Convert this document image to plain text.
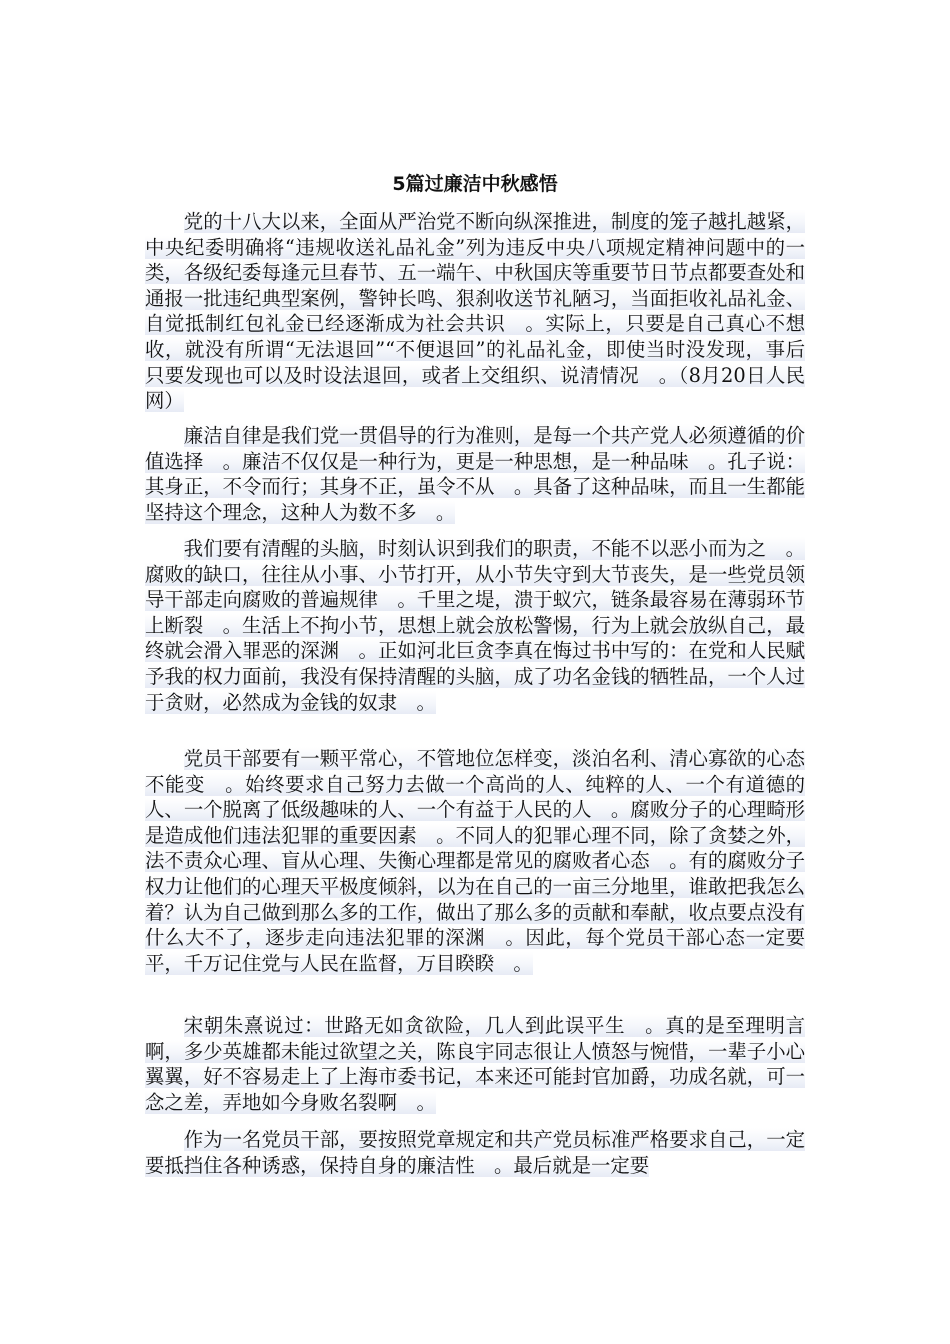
5篇过廉洁中秋感悟

党的十八大以来，全面从严治党不断向纵深推进，制度的笼子越扎越紧，中央纪委明确将“违规收送礼品礼金”列为违反中央八项规定精神问题中的一类，各级纪委每逢元旦春节、五一端午、中秋国庆等重要节日节点都要查处和通报一批违纪典型案例，警钟长鸣、狠刹收送节礼陋习，当面拒收礼品礼金、自觉抵制红包礼金已经逐渐成为社会共识　。实际上，只要是自己真心不想收，就没有所谓“无法退回”“不便退回”的礼品礼金，即使当时没发现，事后只要发现也可以及时设法退回，或者上交组织、说清情况　。（8月20日人民网）

廉洁自律是我们党一贯倡导的行为准则，是每一个共产党人必须遵循的价值选择　。廉洁不仅仅是一种行为，更是一种思想，是一种品味　。孔子说：其身正，不令而行；其身不正，虽令不从　。具备了这种品味，而且一生都能坚持这个理念，这种人为数不多　。

我们要有清醒的头脑，时刻认识到我们的职责，不能不以恶小而为之　。腐败的缺口，往往从小事、小节打开，从小节失守到大节丧失，是一些党员领导干部走向腐败的普遍规律　。千里之堤，溃于蚁穴，链条最容易在薄弱环节上断裂　。生活上不拘小节，思想上就会放松警惕，行为上就会放纵自己，最终就会滑入罪恶的深渊　。正如河北巨贪李真在悔过书中写的：在党和人民赋予我的权力面前，我没有保持清醒的头脑，成了功名金钱的牺牲品，一个人过于贪财，必然成为金钱的奴隶　。

党员干部要有一颗平常心，不管地位怎样变，淡泊名利、清心寡欲的心态不能变　。始终要求自己努力去做一个高尚的人、纯粹的人、一个有道德的人、一个脱离了低级趣味的人、一个有益于人民的人　。腐败分子的心理畸形是造成他们违法犯罪的重要因素　。不同人的犯罪心理不同，除了贪婪之外，法不责众心理、盲从心理、失衡心理都是常见的腐败者心态　。有的腐败分子权力让他们的心理天平极度倾斜，以为在自己的一亩三分地里，谁敢把我怎么着？认为自己做到那么多的工作，做出了那么多的贡献和奉献，收点要点没有什么大不了，逐步走向违法犯罪的深渊　。因此，每个党员干部心态一定要平，千万记住党与人民在监督，万目睽睽　。

宋朝朱熹说过：世路无如贪欲险，几人到此误平生　。真的是至理明言啊，多少英雄都未能过欲望之关，陈良宇同志很让人愤怒与惋惜，一辈子小心翼翼，好不容易走上了上海市委书记，本来还可能封官加爵，功成名就，可一念之差，弄地如今身败名裂啊　。

作为一名党员干部，要按照党章规定和共产党员标准严格要求自己，一定要抵挡住各种诱惑，保持自身的廉洁性　。最后就是一定要
